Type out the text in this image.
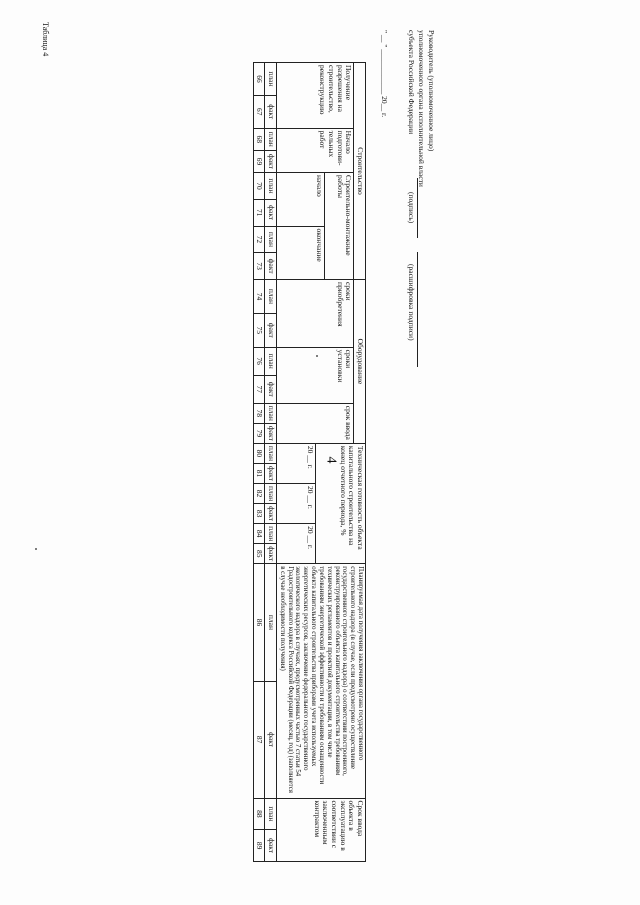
4
Таблица 4
Строительство								Оборудование						Техническая готовность объекта капитального строительства на конец отчетного периода, %						Планируемая дата получения заключения органа государственного строительного надзора (в случае, если предусмотрено осуществление государственного строительного надзора) о соответствии построенного, реконструированного объекта капитального строительства требованиям технических регламентов и проектной документации, в том числе требованиям энергетической эффективности и требованиям оснащенности объекта капитального строительства приборами учета используемых энергетических ресурсов, заключение федерального государственного экологического надзора в случаях, предусмотренных частью 7 статьи 54 Градостроительного кодекса Российской Федерации (месяц, год) (заполняется в случае необходимости получения)		Срок ввода объекта в эксплуатацию в соответствии с заключенным контрактом	
Получение разрешения на строительство, реконструкцию		Начало подготови-тельных работ		Строительно-монтажные работы				сроки приобретения		сроки установки		срок ввода											
				начало		окончание																	
														20 __ г.		20 __ г.		20 __ г.					
план	факт	план	факт	план	факт	план	факт	план	факт	план	факт	план	факт	план	факт	план	факт	план	факт	план	факт	план	факт
66	67	68	69	70	71	72	73	74	75	76	77	78	79	80	81	82	83	84	85	86	87	88	89
Руководитель (уполномоченное лицо)
уполномоченного органа исполнительной власти
субъекта Российской Федерации
" __ " ____________ 20__ г.
(подпись)
(расшифровка подписи)
